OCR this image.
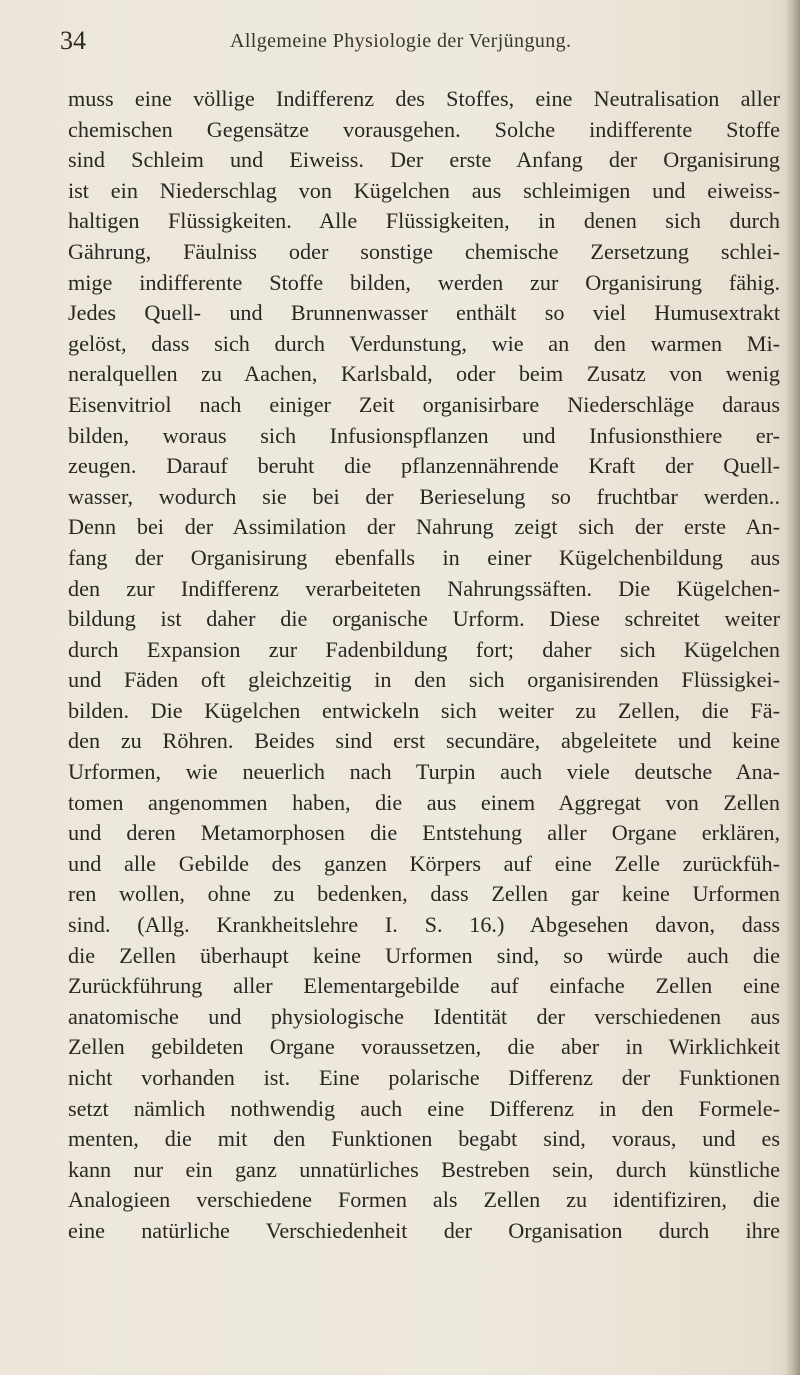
34	Allgemeine Physiologie der Verjüngung.
muss eine völlige Indifferenz des Stoffes, eine Neutralisation aller
chemischen Gegensätze vorausgehen. Solche indifferente Stoffe
sind Schleim und Eiweiss. Der erste Anfang der Organisirung
ist ein Niederschlag von Kügelchen aus schleimigen und eiweiss-
haltigen Flüssigkeiten. Alle Flüssigkeiten, in denen sich durch
Gährung, Fäulniss oder sonstige chemische Zersetzung schlei-
mige indifferente Stoffe bilden, werden zur Organisirung fähig.
Jedes Quell- und Brunnenwasser enthält so viel Humusextrakt
gelöst, dass sich durch Verdunstung, wie an den warmen Mi-
neralquellen zu Aachen, Karlsbald, oder beim Zusatz von wenig
Eisenvitriol nach einiger Zeit organisirbare Niederschläge daraus
bilden, woraus sich Infusionspflanzen und Infusionsthiere er-
zeugen. Darauf beruht die pflanzennährende Kraft der Quell-
wasser, wodurch sie bei der Berieselung so fruchtbar werden..
Denn bei der Assimilation der Nahrung zeigt sich der erste An-
fang der Organisirung ebenfalls in einer Kügelchenbildung aus
den zur Indifferenz verarbeiteten Nahrungssäften. Die Kügelchen-
bildung ist daher die organische Urform. Diese schreitet weiter
durch Expansion zur Fadenbildung fort; daher sich Kügelchen
und Fäden oft gleichzeitig in den sich organisirenden Flüssigkei-
bilden. Die Kügelchen entwickeln sich weiter zu Zellen, die Fä-
den zu Röhren. Beides sind erst secundäre, abgeleitete und keine
Urformen, wie neuerlich nach Turpin auch viele deutsche Ana-
tomen angenommen haben, die aus einem Aggregat von Zellen
und deren Metamorphosen die Entstehung aller Organe erklären,
und alle Gebilde des ganzen Körpers auf eine Zelle zurückfüh-
ren wollen, ohne zu bedenken, dass Zellen gar keine Urformen
sind. (Allg. Krankheitslehre I. S. 16.) Abgesehen davon, dass
die Zellen überhaupt keine Urformen sind, so würde auch die
Zurückführung aller Elementargebilde auf einfache Zellen eine
anatomische und physiologische Identität der verschiedenen aus
Zellen gebildeten Organe voraussetzen, die aber in Wirklichkeit
nicht vorhanden ist. Eine polarische Differenz der Funktionen
setzt nämlich nothwendig auch eine Differenz in den Formele-
menten, die mit den Funktionen begabt sind, voraus, und es
kann nur ein ganz unnatürliches Bestreben sein, durch künstliche
Analogieen verschiedene Formen als Zellen zu identifiziren, die
eine natürliche Verschiedenheit der Organisation durch ihre
